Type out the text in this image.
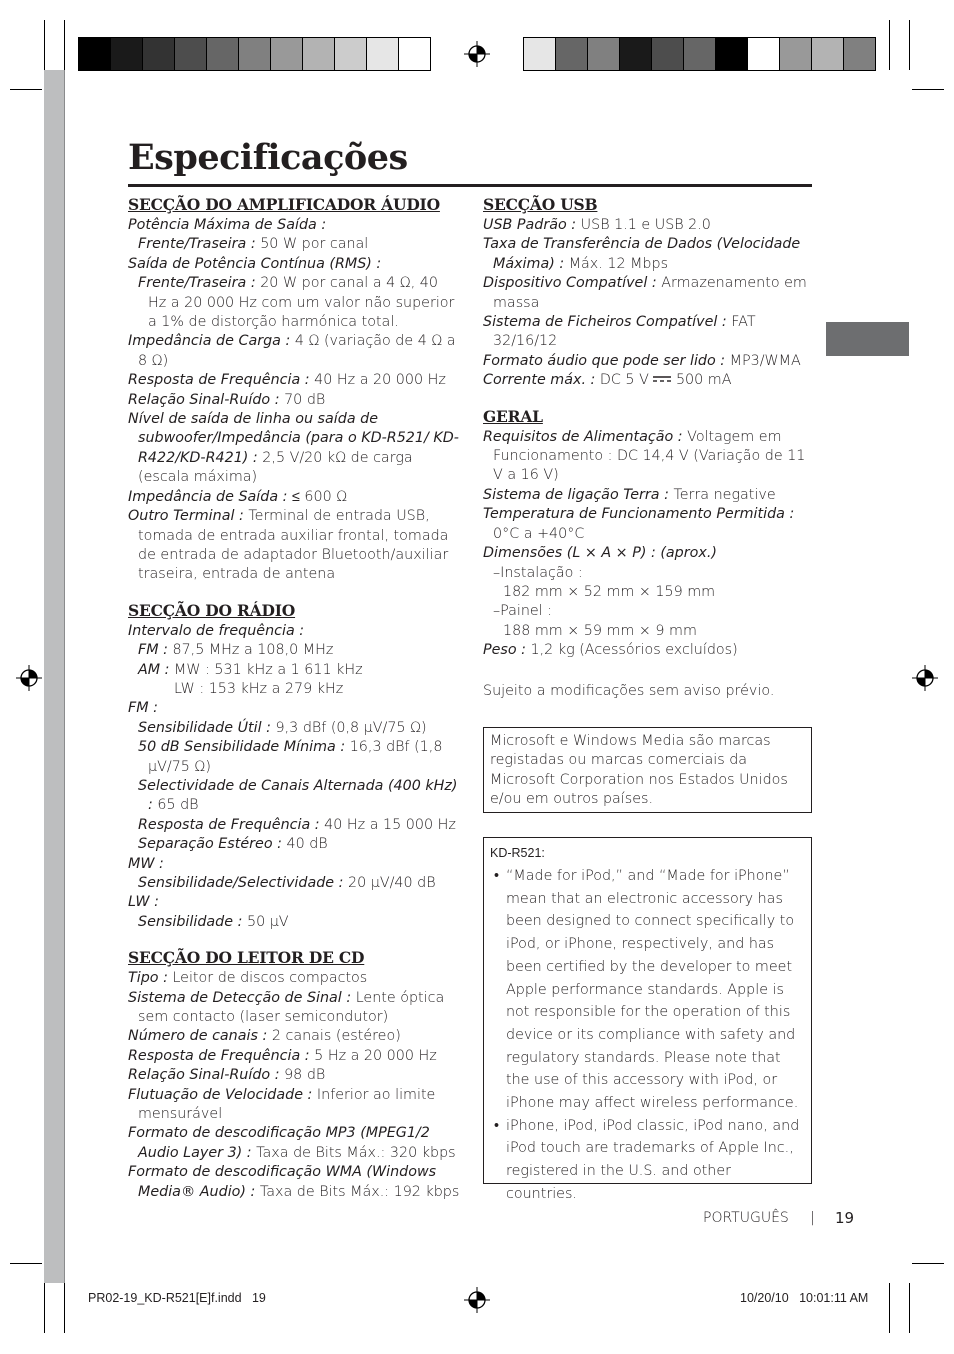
Especificações
SECÇÃO DO AMPLIFICADOR ÁUDIO

Potência Máxima de Saída :

Frente/Traseira : 50 W por canal

Saída de Potência Contínua (RMS) :

Frente/Traseira : 20 W por canal a 4 Ω, 40 Hz a 20 000 Hz com um valor não superior a 1% de distorção harmónica total.

Impedância de Carga : 4 Ω (variação de 4 Ω a 8 Ω)

Resposta de Frequência : 40 Hz a 20 000 Hz

Relação Sinal-Ruído : 70 dB

Nível de saída de linha ou saída de subwoofer/Impedância (para o KD-R521/ KD-R422/KD-R421) : 2,5 V/20 kΩ de carga (escala máxima)

Impedância de Saída : ≤ 600 Ω

Outro Terminal : Terminal de entrada USB, tomada de entrada auxiliar frontal, tomada de entrada de adaptador Bluetooth/auxiliar traseira, entrada de antena

SECÇÃO DO RÁDIO

Intervalo de frequência :

FM : 87,5 MHz a 108,0 MHz

AM : MW : 531 kHz a 1 611 kHz

LW : 153 kHz a 279 kHz

FM :

Sensibilidade Útil : 9,3 dBf (0,8 μV/75 Ω)

50 dB Sensibilidade Mínima : 16,3 dBf (1,8 μV/75 Ω)

Selectividade de Canais Alternada (400 kHz) : 65 dB

Resposta de Frequência : 40 Hz a 15 000 Hz

Separação Estéreo : 40 dB

MW :

Sensibilidade/Selectividade : 20 μV/40 dB

LW :

Sensibilidade : 50 μV

SECÇÃO DO LEITOR DE CD

Tipo : Leitor de discos compactos

Sistema de Detecção de Sinal : Lente óptica sem contacto (laser semicondutor)

Número de canais : 2 canais (estéreo)

Resposta de Frequência : 5 Hz a 20 000 Hz

Relação Sinal-Ruído : 98 dB

Flutuação de Velocidade : Inferior ao limite mensurável

Formato de descodificação MP3 (MPEG1/2 Audio Layer 3) : Taxa de Bits Máx.: 320 kbps

Formato de descodificação WMA (Windows Media® Audio) : Taxa de Bits Máx.: 192 kbps

SECÇÃO USB

USB Padrão : USB 1.1 e USB 2.0

Taxa de Transferência de Dados (Velocidade Máxima) : Máx. 12 Mbps

Dispositivo Compatível : Armazenamento em massa

Sistema de Ficheiros Compatível : FAT 32/16/12

Formato áudio que pode ser lido : MP3/WMA

Corrente máx. : DC 5 V  500 mA

GERAL

Requisitos de Alimentação : Voltagem em Funcionamento : DC 14,4 V (Variação de 11 V a 16 V)

Sistema de ligação Terra : Terra negative

Temperatura de Funcionamento Permitida : 0°C a +40°C

Dimensões (L × A × P) : (aprox.)

–Instalação :

182 mm × 52 mm × 159 mm

–Painel :

188 mm × 59 mm × 9 mm

Peso : 1,2 kg (Acessórios excluídos)

Sujeito a modificações sem aviso prévio.

Microsoft e Windows Media são marcas registadas ou marcas comerciais da Microsoft Corporation nos Estados Unidos e/ou em outros países.
KD-R521:
• “Made for iPod,” and “Made for iPhone” mean that an electronic accessory has been designed to connect specifically to iPod, or iPhone, respectively, and has been certified by the developer to meet Apple performance standards. Apple is not responsible for the operation of this device or its compliance with safety and regulatory standards. Please note that the use of this accessory with iPod, or iPhone may affect wireless performance.
• iPhone, iPod, iPod classic, iPod nano, and iPod touch are trademarks of Apple Inc., registered in the U.S. and other countries.
PORTUGUÊS | 19
PR02-19_KD-R521[E]f.indd   19	10/20/10   10:01:11 AM
